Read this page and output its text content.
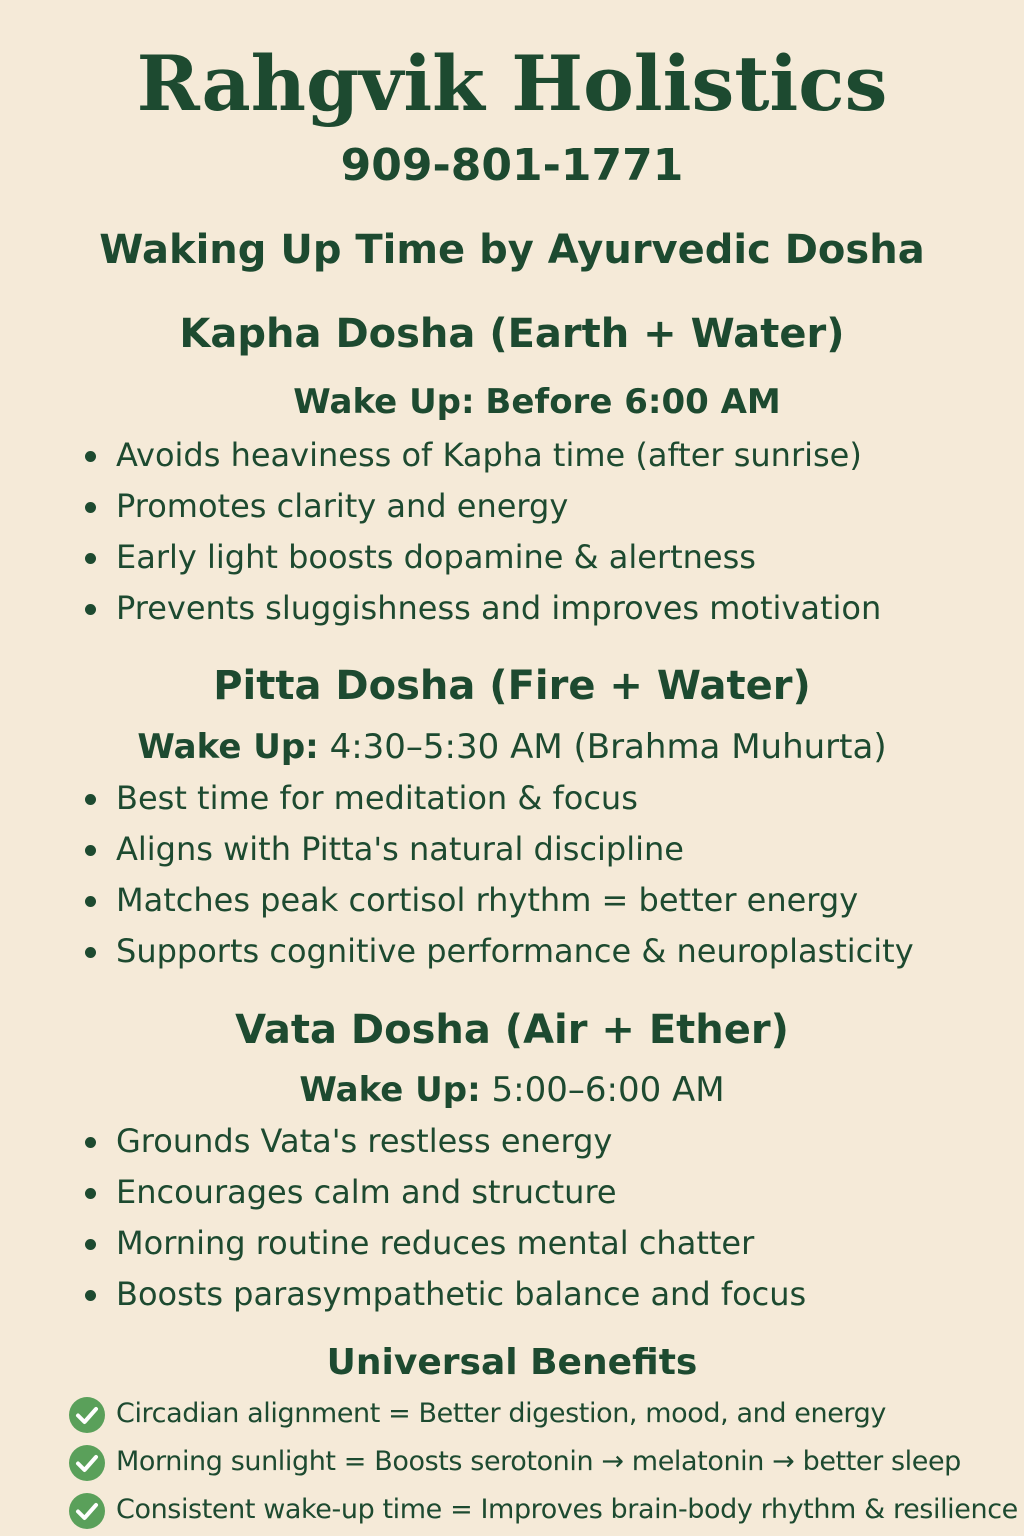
Rahgvik Holistics
909-801-1771
Waking Up Time by Ayurvedic Dosha
Kapha Dosha (Earth + Water)
Wake Up: Before 6:00 AM
Avoids heaviness of Kapha time (after sunrise)
Promotes clarity and energy
Early light boosts dopamine & alertness
Prevents sluggishness and improves motivation
Pitta Dosha (Fire + Water)
Wake Up: 4:30–5:30 AM (Brahma Muhurta)
Best time for meditation & focus
Aligns with Pitta's natural discipline
Matches peak cortisol rhythm = better energy
Supports cognitive performance & neuroplasticity
Vata Dosha (Air + Ether)
Wake Up: 5:00–6:00 AM
Grounds Vata's restless energy
Encourages calm and structure
Morning routine reduces mental chatter
Boosts parasympathetic balance and focus
Universal Benefits
Circadian alignment = Better digestion, mood, and energy
Morning sunlight = Boosts serotonin → melatonin → better sleep
Consistent wake-up time = Improves brain-body rhythm & resilience
